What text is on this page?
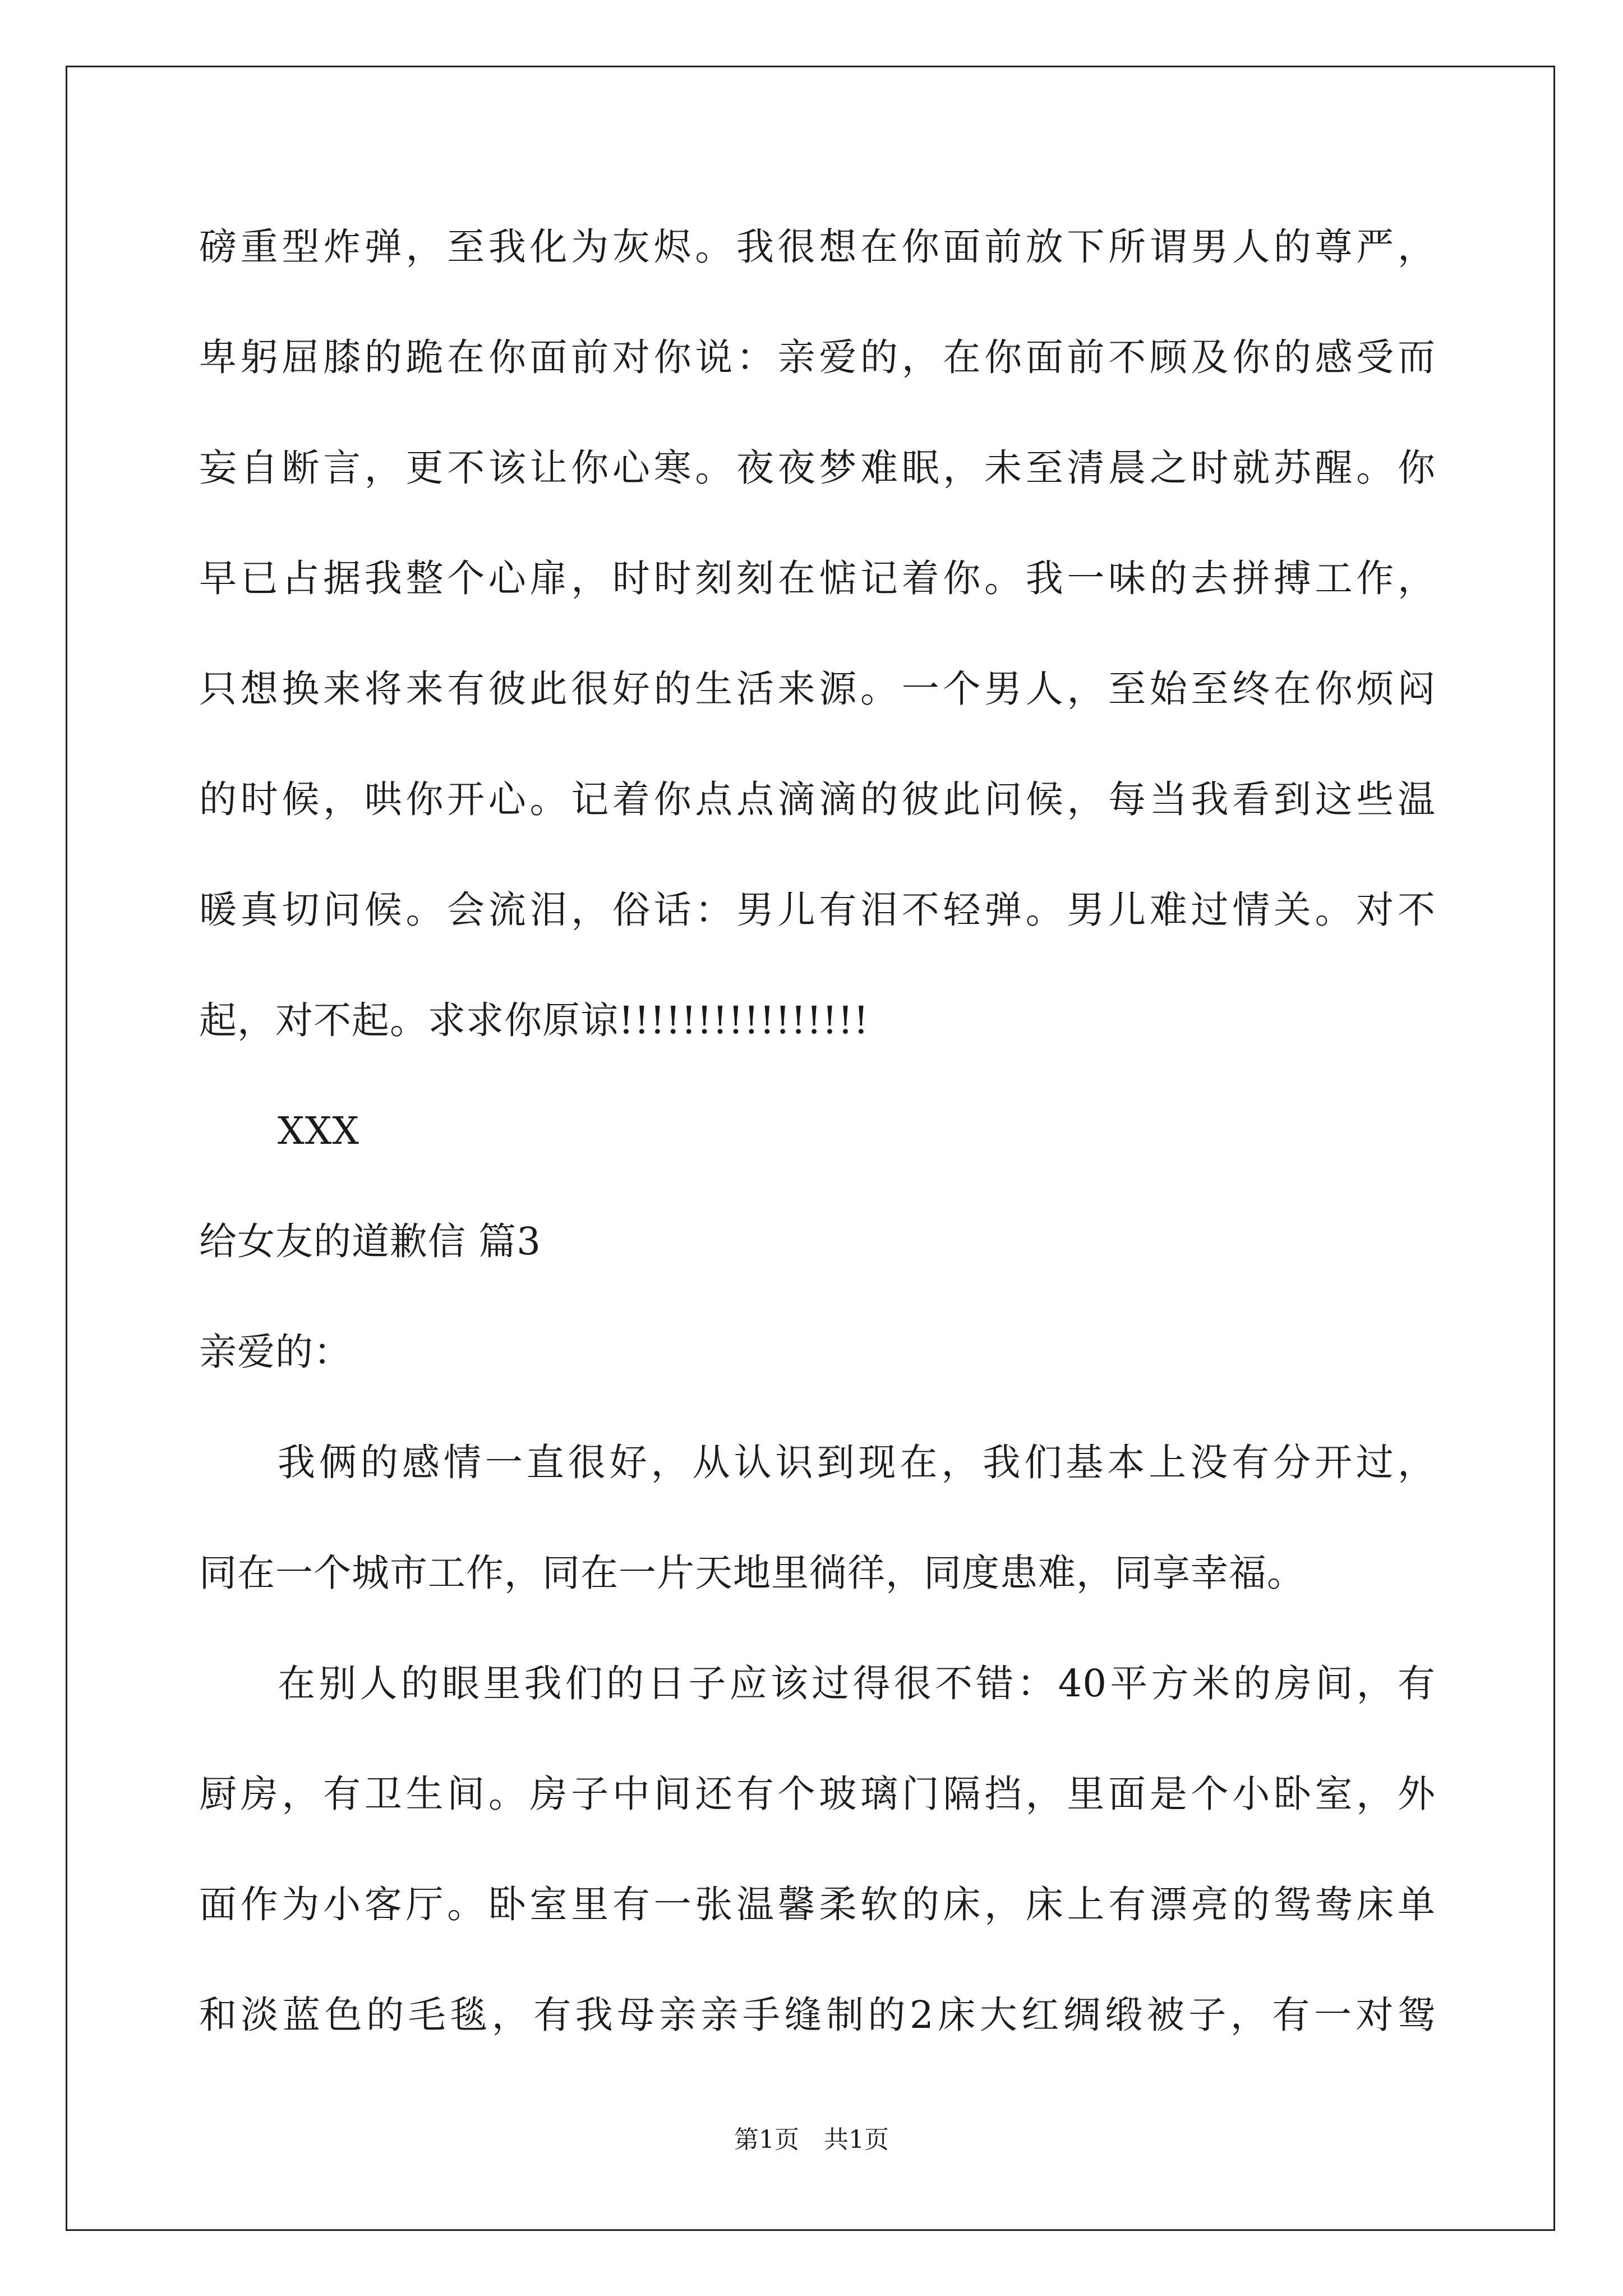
磅重型炸弹，至我化为灰烬。我很想在你面前放下所谓男人的尊严，
卑躬屈膝的跪在你面前对你说：亲爱的，在你面前不顾及你的感受而
妄自断言，更不该让你心寒。夜夜梦难眠，未至清晨之时就苏醒。你
早已占据我整个心扉，时时刻刻在惦记着你。我一味的去拼搏工作，
只想换来将来有彼此很好的生活来源。一个男人，至始至终在你烦闷
的时候，哄你开心。记着你点点滴滴的彼此问候，每当我看到这些温
暖真切问候。会流泪，俗话：男儿有泪不轻弹。男儿难过情关。对不
起，对不起。求求你原谅!!!!!!!!!!!!!!!!
XXX
给女友的道歉信 篇3
亲爱的：
我俩的感情一直很好，从认识到现在，我们基本上没有分开过，
同在一个城市工作，同在一片天地里徜徉，同度患难，同享幸福。
在别人的眼里我们的日子应该过得很不错：40平方米的房间，有
厨房，有卫生间。房子中间还有个玻璃门隔挡，里面是个小卧室，外
面作为小客厅。卧室里有一张温馨柔软的床，床上有漂亮的鸳鸯床单
和淡蓝色的毛毯，有我母亲亲手缝制的2床大红绸缎被子，有一对鸳
第1页　共1页
